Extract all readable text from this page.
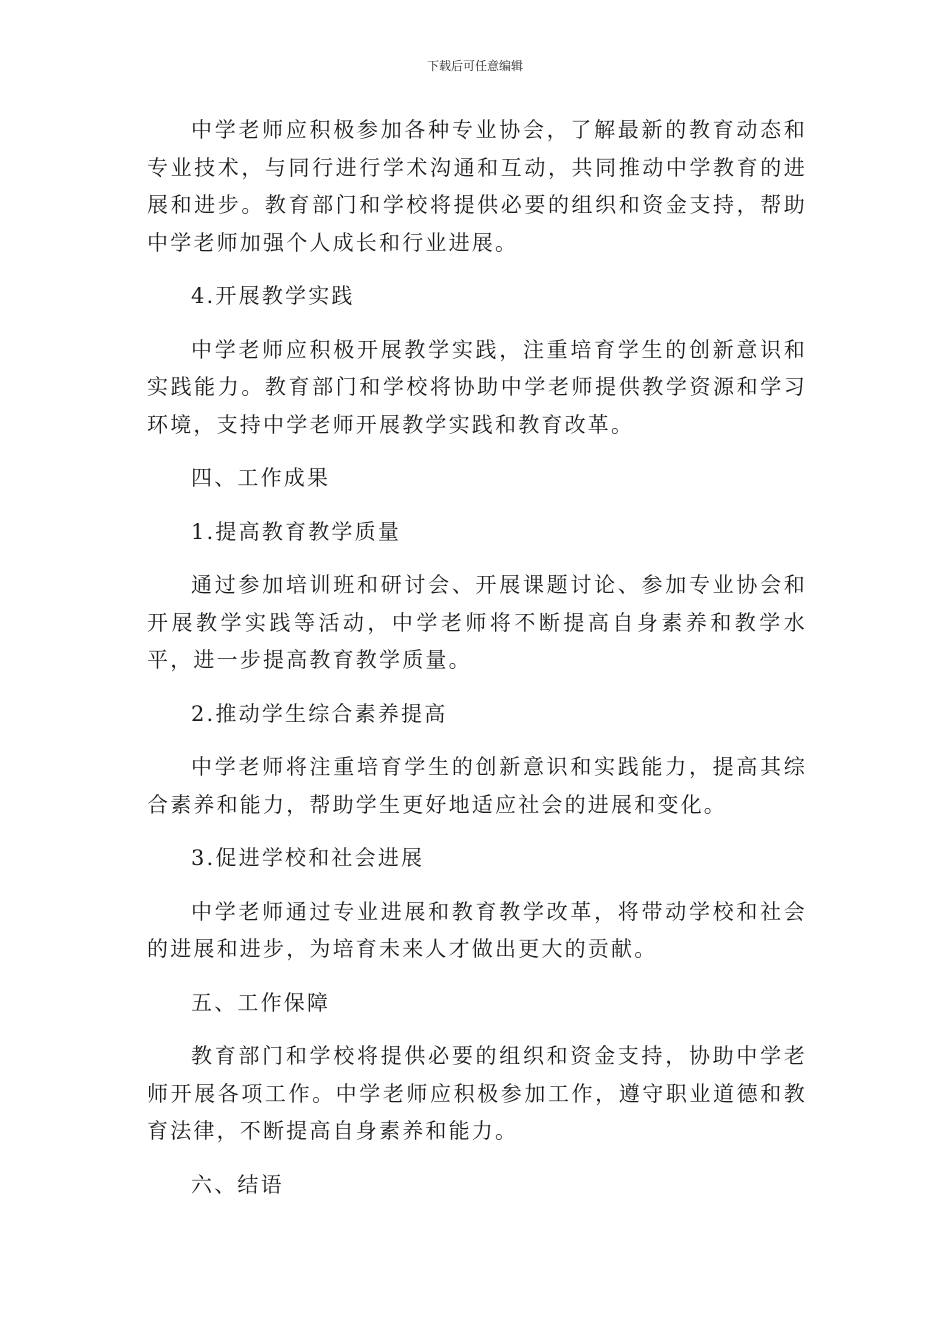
下载后可任意编辑

中学老师应积极参加各种专业协会，了解最新的教育动态和专业技术，与同行进行学术沟通和互动，共同推动中学教育的进展和进步。教育部门和学校将提供必要的组织和资金支持，帮助中学老师加强个人成长和行业进展。

4.开展教学实践

中学老师应积极开展教学实践，注重培育学生的创新意识和实践能力。教育部门和学校将协助中学老师提供教学资源和学习环境，支持中学老师开展教学实践和教育改革。

四、工作成果

1.提高教育教学质量

通过参加培训班和研讨会、开展课题讨论、参加专业协会和开展教学实践等活动，中学老师将不断提高自身素养和教学水平，进一步提高教育教学质量。

2.推动学生综合素养提高

中学老师将注重培育学生的创新意识和实践能力，提高其综合素养和能力，帮助学生更好地适应社会的进展和变化。

3.促进学校和社会进展

中学老师通过专业进展和教育教学改革，将带动学校和社会的进展和进步，为培育未来人才做出更大的贡献。

五、工作保障

教育部门和学校将提供必要的组织和资金支持，协助中学老师开展各项工作。中学老师应积极参加工作，遵守职业道德和教育法律，不断提高自身素养和能力。

六、结语
